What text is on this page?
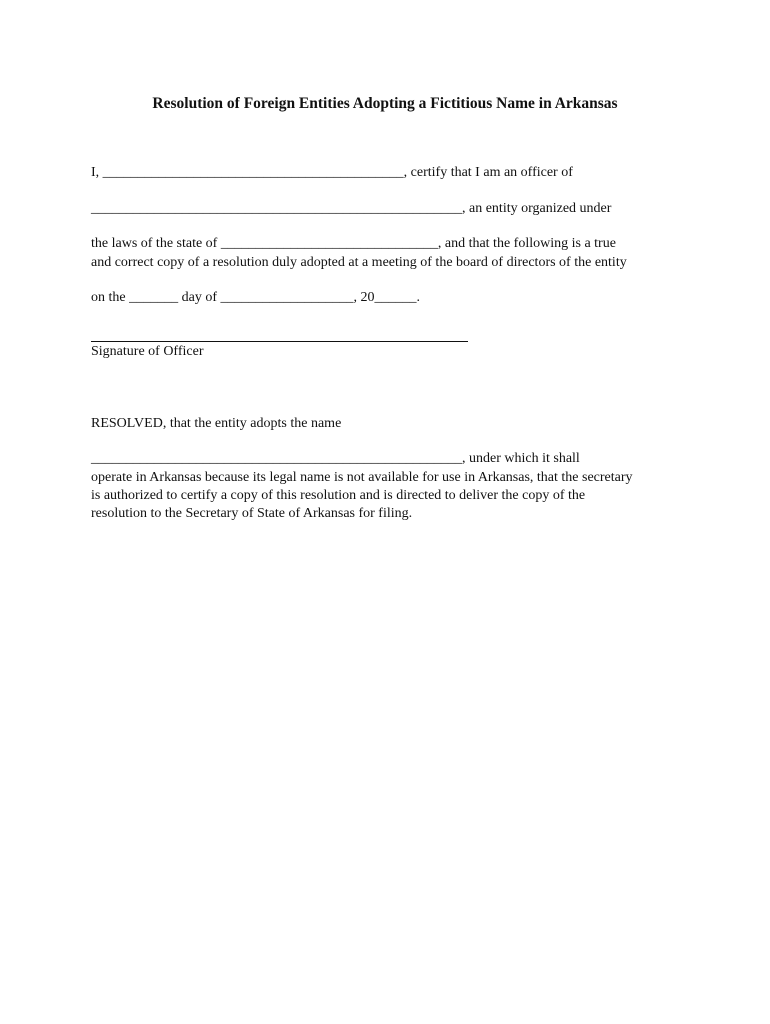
Resolution of Foreign Entities Adopting a Fictitious Name in Arkansas
I, ___________________________________________, certify that I am an officer of
_____________________________________________________, an entity organized under
the laws of the state of _______________________________, and that the following is a true
and correct copy of a resolution duly adopted at a meeting of the board of directors of the entity
on the _______ day of ___________________, 20______.
Signature of Officer
RESOLVED, that the entity adopts the name
_____________________________________________________, under which it shall
operate in Arkansas because its legal name is not available for use in Arkansas, that the secretary
is authorized to certify a copy of this resolution and is directed to deliver the copy of the
resolution to the Secretary of State of Arkansas for filing.
